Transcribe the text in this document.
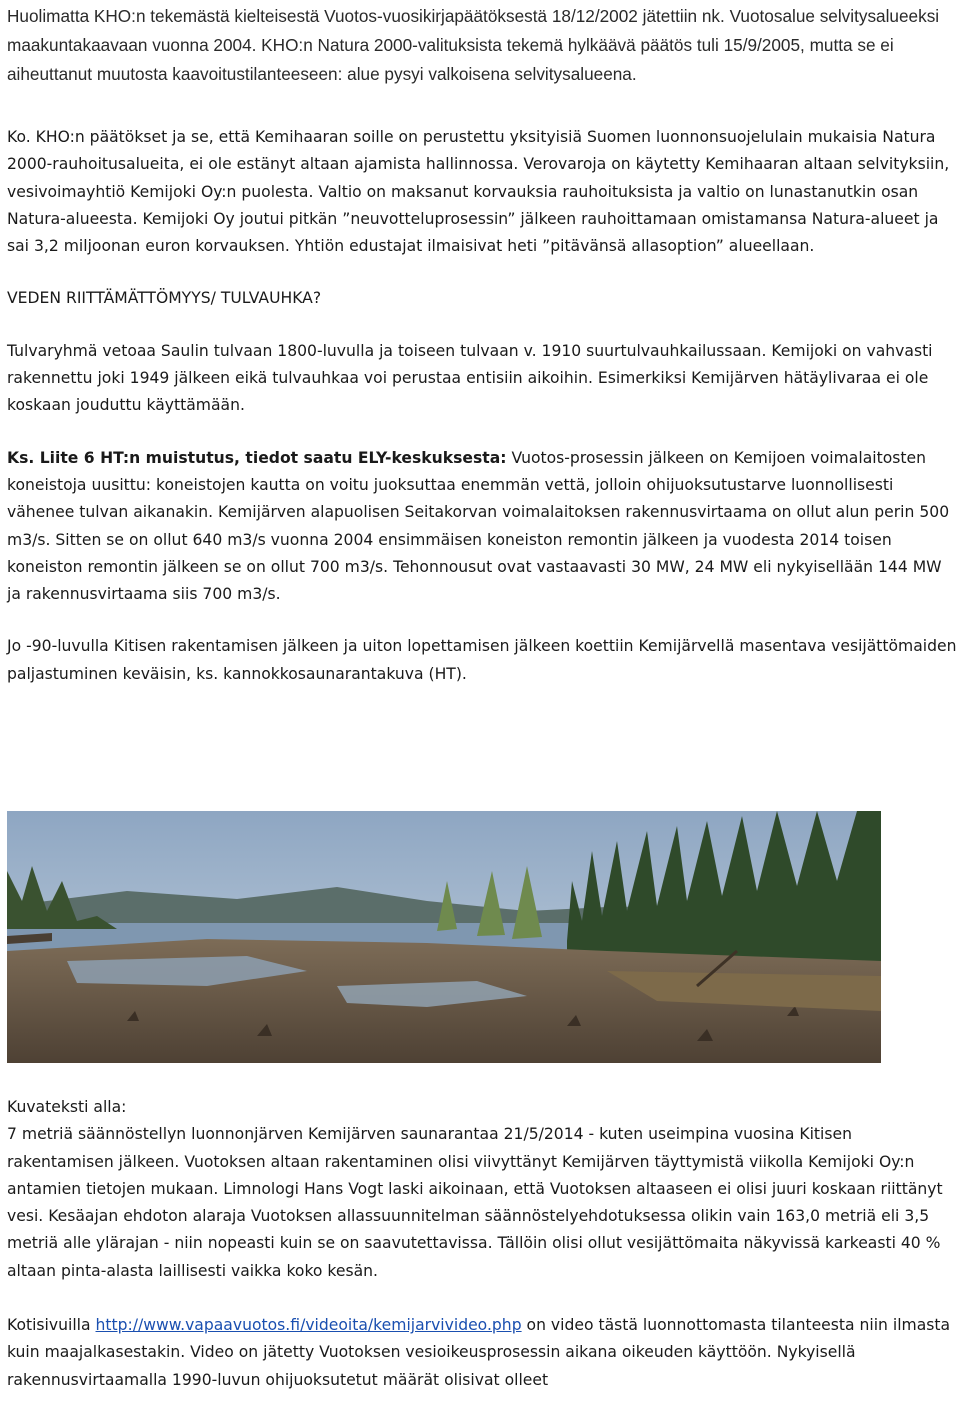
Huolimatta KHO:n tekemästä kielteisestä Vuotos-vuosikirjapäätöksestä 18/12/2002 jätettiin nk. Vuotosalue selvitysalueeksi maakuntakaavaan vuonna 2004. KHO:n Natura 2000-valituksista tekemä hylkäävä päätös tuli 15/9/2005, mutta se ei aiheuttanut muutosta kaavoitustilanteeseen: alue pysyi valkoisena selvitysalueena.

Ko. KHO:n päätökset ja se, että Kemihaaran soille on perustettu yksityisiä Suomen luonnonsuojelulain mukaisia Natura 2000-rauhoitusalueita, ei ole estänyt altaan ajamista hallinnossa. Verovaroja on käytetty Kemihaaran altaan selvityksiin, vesivoimayhtiö Kemijoki Oy:n puolesta. Valtio on maksanut korvauksia rauhoituksista ja valtio on lunastanutkin osan Natura-alueesta. Kemijoki Oy joutui pitkän ”neuvotteluprosessin” jälkeen rauhoittamaan omistamansa Natura-alueet ja sai 3,2 miljoonan euron korvauksen. Yhtiön edustajat ilmaisivat heti ”pitävänsä allasoption” alueellaan.

VEDEN RIITTÄMÄTTÖMYYS/ TULVAUHKA?

Tulvaryhmä vetoaa Saulin tulvaan 1800-luvulla ja toiseen tulvaan v. 1910 suurtulvauhkailussaan. Kemijoki on vahvasti rakennettu joki 1949 jälkeen eikä tulvauhkaa voi perustaa entisiin aikoihin. Esimerkiksi Kemijärven hätäylivaraa ei ole koskaan jouduttu käyttämään.

Ks. Liite 6 HT:n muistutus, tiedot saatu ELY-keskuksesta: Vuotos-prosessin jälkeen on Kemijoen voimalaitosten koneistoja uusittu: koneistojen kautta on voitu juoksuttaa enemmän vettä, jolloin ohijuoksutustarve luonnollisesti vähenee tulvan aikanakin. Kemijärven alapuolisen Seitakorvan voimalaitoksen rakennusvirtaama on ollut alun perin 500 m3/s. Sitten se on ollut 640 m3/s vuonna 2004 ensimmäisen koneiston remontin jälkeen ja vuodesta 2014 toisen koneiston remontin jälkeen se on ollut 700 m3/s. Tehonnousut ovat vastaavasti 30 MW, 24 MW eli nykyisellään 144 MW ja rakennusvirtaama siis 700 m3/s.

Jo -90-luvulla Kitisen rakentamisen jälkeen ja uiton lopettamisen jälkeen koettiin Kemijärvellä masentava vesijättömaiden paljastuminen keväisin, ks. kannokkosaunarantakuva (HT).

Kuvateksti alla:
7 metriä säännöstellyn luonnonjärven Kemijärven saunarantaa 21/5/2014 - kuten useimpina vuosina Kitisen rakentamisen jälkeen. Vuotoksen altaan rakentaminen olisi viivyttänyt Kemijärven täyttymistä viikolla Kemijoki Oy:n antamien tietojen mukaan. Limnologi Hans Vogt laski aikoinaan, että Vuotoksen altaaseen ei olisi juuri koskaan riittänyt vesi. Kesäajan ehdoton alaraja Vuotoksen allassuunnitelman säännöstelyehdotuksessa olikin vain 163,0 metriä eli 3,5 metriä alle ylärajan - niin nopeasti kuin se on saavutettavissa. Tällöin olisi ollut vesijättömaita näkyvissä karkeasti 40 % altaan pinta-alasta laillisesti vaikka koko kesän.

Kotisivuilla http://www.vapaavuotos.fi/videoita/kemijarvivideo.php on video tästä luonnottomasta tilanteesta niin ilmasta kuin maajalkasestakin. Video on jätetty Vuotoksen vesioikeusprosessin aikana oikeuden käyttöön. Nykyisellä rakennusvirtaamalla 1990-luvun ohijuoksutetut määrät olisivat olleet
